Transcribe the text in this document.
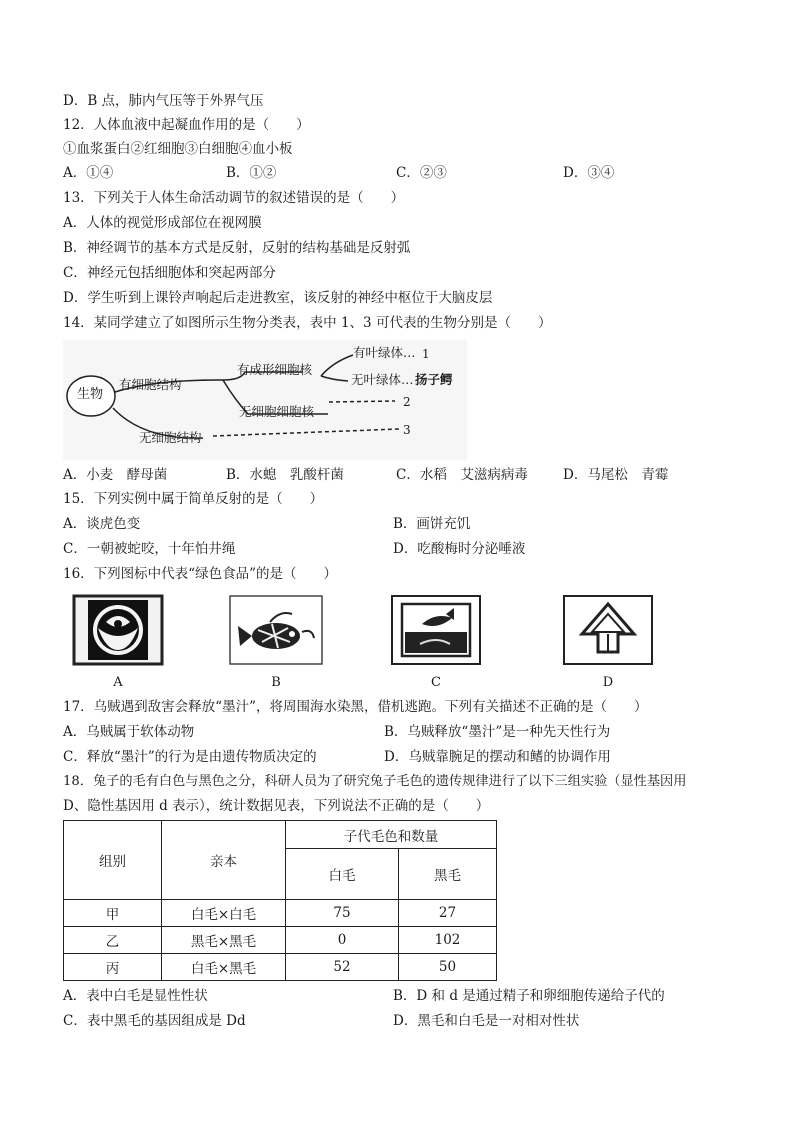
D．B 点，肺内气压等于外界气压
12．人体血液中起凝血作用的是（　　）
①血浆蛋白②红细胞③白细胞④血小板
A．①④	B．①②	C．②③	D．③④
13．下列关于人体生命活动调节的叙述错误的是（　　）
A．人体的视觉形成部位在视网膜
B．神经调节的基本方式是反射，反射的结构基础是反射弧
C．神经元包括细胞体和突起两部分
D．学生听到上课铃声响起后走进教室，该反射的神经中枢位于大脑皮层
14．某同学建立了如图所示生物分类表，表中 1、3 可代表的生物分别是（　　）
生物
有细胞结构
无细胞结构
有成形细胞核
无细胞细胞核
有叶绿体… 1
无叶绿体… 扬子鳄
2
3
A．小麦　酵母菌	B．水螅　乳酸杆菌	C．水稻　艾滋病病毒	D．马尾松　青霉
15．下列实例中属于简单反射的是（　　）
A．谈虎色变	B．画饼充饥
C．一朝被蛇咬，十年怕井绳	D．吃酸梅时分泌唾液
16．下列图标中代表“绿色食品”的是（　　）
A	B	C	D
17．乌贼遇到敌害会释放“墨汁”，将周围海水染黑，借机逃跑。下列有关描述不正确的是（　　）
A．乌贼属于软体动物	B．乌贼释放“墨汁”是一种先天性行为
C．释放“墨汁”的行为是由遗传物质决定的	D．乌贼靠腕足的摆动和鳍的协调作用
18．兔子的毛有白色与黑色之分，科研人员为了研究兔子毛色的遗传规律进行了以下三组实验（显性基因用
D、隐性基因用 d 表示），统计数据见表，下列说法不正确的是（　　）
组别	亲本	子代毛色和数量	
		白毛	黑毛
甲	白毛×白毛	75	27
乙	黑毛×黑毛	0	102
丙	白毛×黑毛	52	50
A．表中白毛是显性性状	B．D 和 d 是通过精子和卵细胞传递给子代的
C．表中黑毛的基因组成是 Dd	D．黑毛和白毛是一对相对性状
